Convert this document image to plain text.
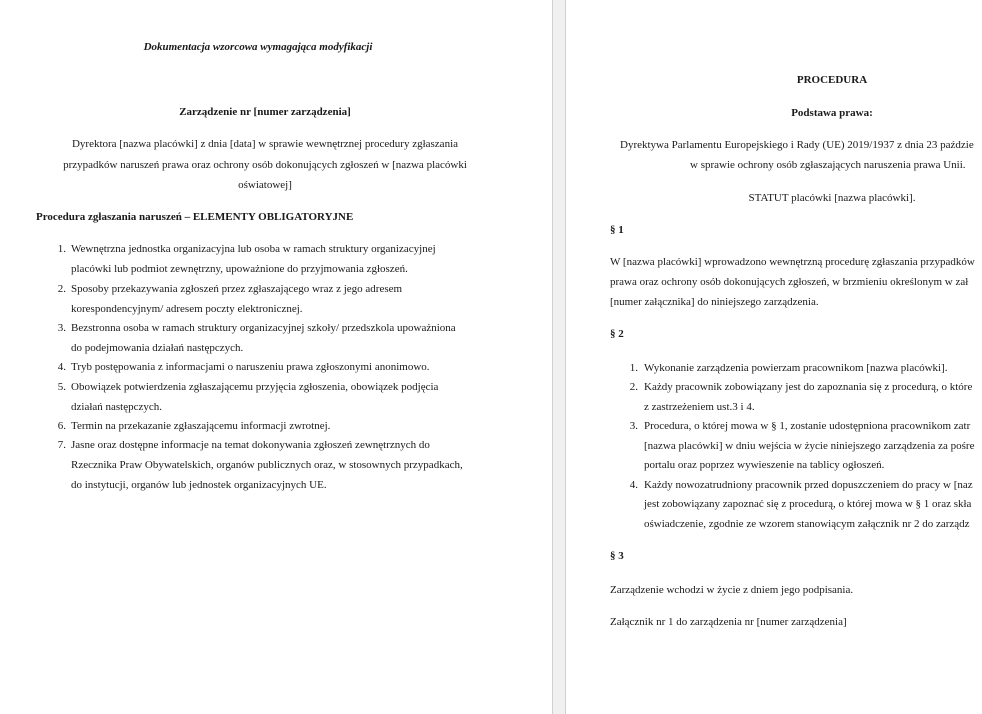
Dokumentacja wzorcowa wymagająca modyfikacji
Zarządzenie nr [numer zarządzenia]
Dyrektora [nazwa placówki] z dnia [data] w sprawie wewnętrznej procedury zgłaszania
przypadków naruszeń prawa oraz ochrony osób dokonujących zgłoszeń w [nazwa placówki
oświatowej]
Procedura zgłaszania naruszeń – ELEMENTY OBLIGATORYJNE
1. Wewnętrzna jednostka organizacyjna lub osoba w ramach struktury organizacyjnej
placówki lub podmiot zewnętrzny, upoważnione do przyjmowania zgłoszeń.
2. Sposoby przekazywania zgłoszeń przez zgłaszającego wraz z jego adresem
korespondencyjnym/ adresem poczty elektronicznej.
3. Bezstronna osoba w ramach struktury organizacyjnej szkoły/ przedszkola upoważniona
do podejmowania działań następczych.
4. Tryb postępowania z informacjami o naruszeniu prawa zgłoszonymi anonimowo.
5. Obowiązek potwierdzenia zgłaszającemu przyjęcia zgłoszenia, obowiązek podjęcia
działań następczych.
6. Termin na przekazanie zgłaszającemu informacji zwrotnej.
7. Jasne oraz dostępne informacje na temat dokonywania zgłoszeń zewnętrznych do
Rzecznika Praw Obywatelskich, organów publicznych oraz, w stosownych przypadkach,
do instytucji, organów lub jednostek organizacyjnych UE.
PROCEDURA
Podstawa prawa:
Dyrektywa Parlamentu Europejskiego i Rady (UE) 2019/1937 z dnia 23 paździe
w sprawie ochrony osób zgłaszających naruszenia prawa Unii.
STATUT placówki [nazwa placówki].
§ 1
W [nazwa placówki] wprowadzono wewnętrzną procedurę zgłaszania przypadków
prawa oraz ochrony osób dokonujących zgłoszeń, w brzmieniu określonym w zał
[numer załącznika] do niniejszego zarządzenia.
§ 2
1. Wykonanie zarządzenia powierzam pracownikom [nazwa placówki].
2. Każdy pracownik zobowiązany jest do zapoznania się z procedurą, o które
z zastrzeżeniem ust.3 i 4.
3. Procedura, o której mowa w § 1, zostanie udostępniona pracownikom zatr
[nazwa placówki] w dniu wejścia w życie niniejszego zarządzenia za pośre
portalu oraz poprzez wywieszenie na tablicy ogłoszeń.
4. Każdy nowozatrudniony pracownik przed dopuszczeniem do pracy w [naz
jest zobowiązany zapoznać się z procedurą, o której mowa w § 1 oraz skła
oświadczenie, zgodnie ze wzorem stanowiącym załącznik nr 2 do zarządz
§ 3
Zarządzenie wchodzi w życie z dniem jego podpisania.
Załącznik nr 1 do zarządzenia nr [numer zarządzenia]
